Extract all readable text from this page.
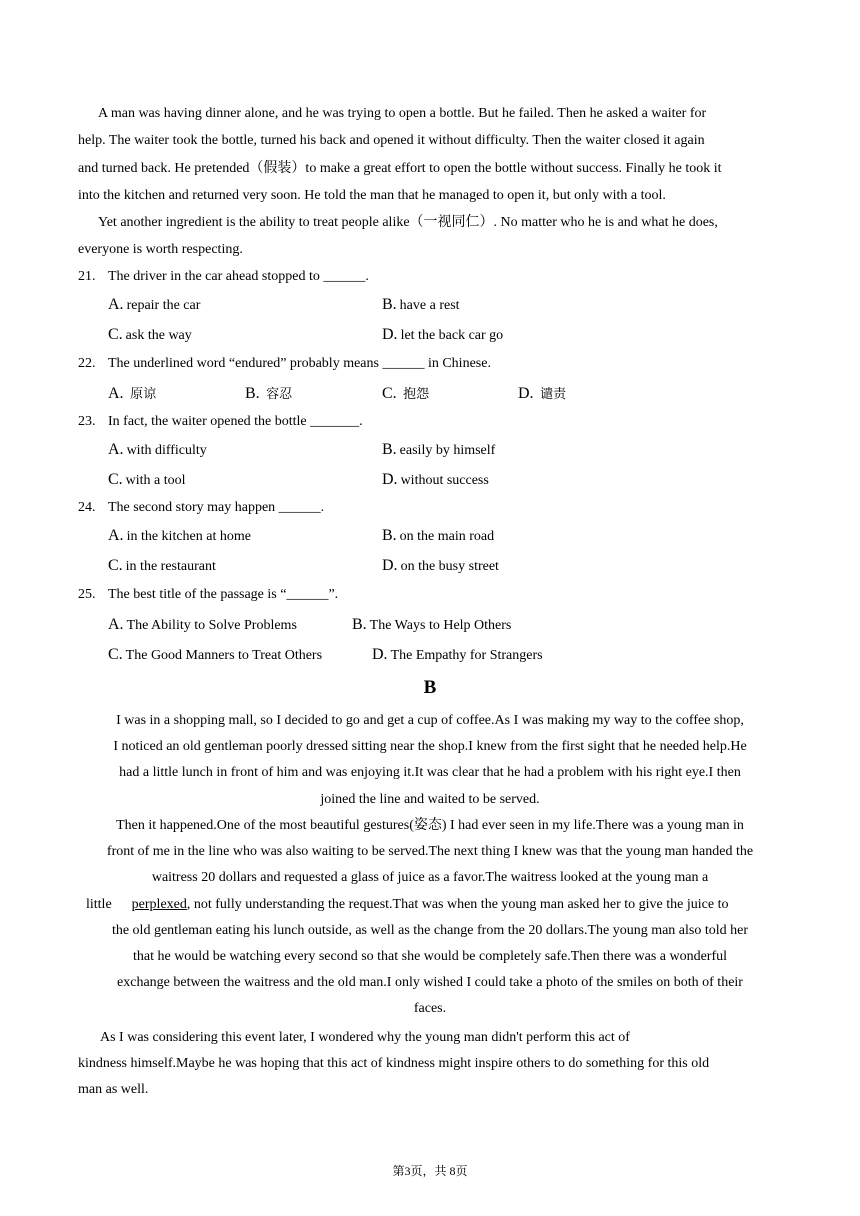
A man was having dinner alone, and he was trying to open a bottle. But he failed. Then he asked a waiter for
help. The waiter took the bottle, turned his back and opened it without difficulty. Then the waiter closed it again
and turned back. He pretended（假装）to make a great effort to open the bottle without success. Finally he took it
into the kitchen and returned very soon. He told the man that he managed to open it, but only with a tool.
Yet another ingredient is the ability to treat people alike（一视同仁）. No matter who he is and what he does,
everyone is worth respecting.
21. The driver in the car ahead stopped to ______.
A. repair the car	B. have a rest
C. ask the way	D. let the back car go
22. The underlined word “endured” probably means ______ in Chinese.
A. 原谅	B. 容忍	C. 抱怨	D. 谴责
23. In fact, the waiter opened the bottle _______.
A. with difficulty	B. easily by himself
C. with a tool	D. without success
24. The second story may happen ______.
A. in the kitchen at home	B. on the main road
C. in the restaurant	D. on the busy street
25. The best title of the passage is “______”.
A. The Ability to Solve Problems	B. The Ways to Help Others
C. The Good Manners to Treat Others	D. The Empathy for Strangers
B
I was in a shopping mall, so I decided to go and get a cup of coffee.As I was making my way to the coffee shop,
I noticed an old gentleman poorly dressed sitting near the shop.I knew from the first sight that he needed help.He
had a little lunch in front of him and was enjoying it.It was clear that he had a problem with his right eye.I then
joined the line and waited to be served.
Then it happened.One of the most beautiful gestures(姿态) I had ever seen in my life.There was a young man in
front of me in the line who was also waiting to be served.The next thing I knew was that the young man handed the
waitress 20 dollars and requested a glass of juice as a favor.The waitress looked at the young man a
little perplexed, not fully understanding the request.That was when the young man asked her to give the juice to
the old gentleman eating his lunch outside, as well as the change from the 20 dollars.The young man also told her
that he would be watching every second so that she would be completely safe.Then there was a wonderful
exchange between the waitress and the old man.I only wished I could take a photo of the smiles on both of their
faces.
As I was considering this event later, I wondered why the young man didn't perform this act of
kindness himself.Maybe he was hoping that this act of kindness might inspire others to do something for this old
man as well.
第3页，共 8页
